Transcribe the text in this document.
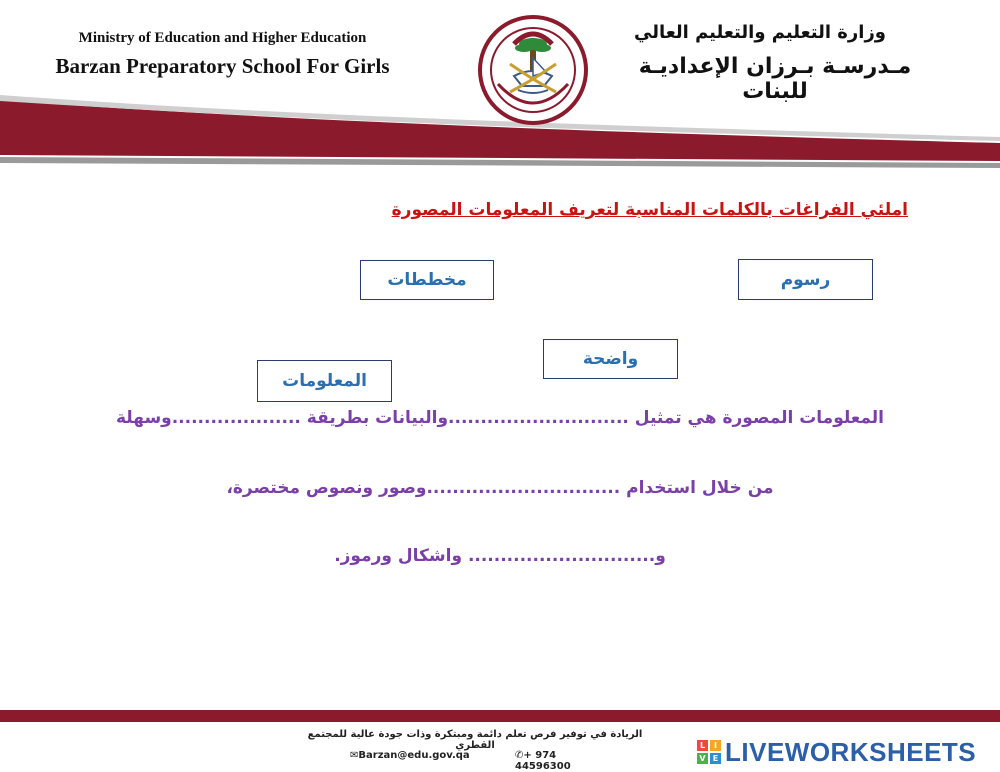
Ministry of Education and Higher Education
Barzan Preparatory School For Girls
وزارة التعليم والتعليم العالي
مـدرسـة بـرزان الإعداديـة للبنات
املئي الفراغات بالكلمات المناسبة لتعريف المعلومات المصورة
مخططات	رسوم
واضحة
المعلومات
المعلومات المصورة هي تمثيل ............................والبيانات بطريقة ....................وسهلة
من خلال استخدام ..............................وصور ونصوص مختصرة،
و............................. واشكال ورموز.
الريادة في توفير فرص تعلم دائمة ومبتكرة وذات جودة عالية للمجتمع القطري
✉Barzan@edu.gov.qa	✆+ 974 44596300
L	I
V E LIVEWORKSHEETS
